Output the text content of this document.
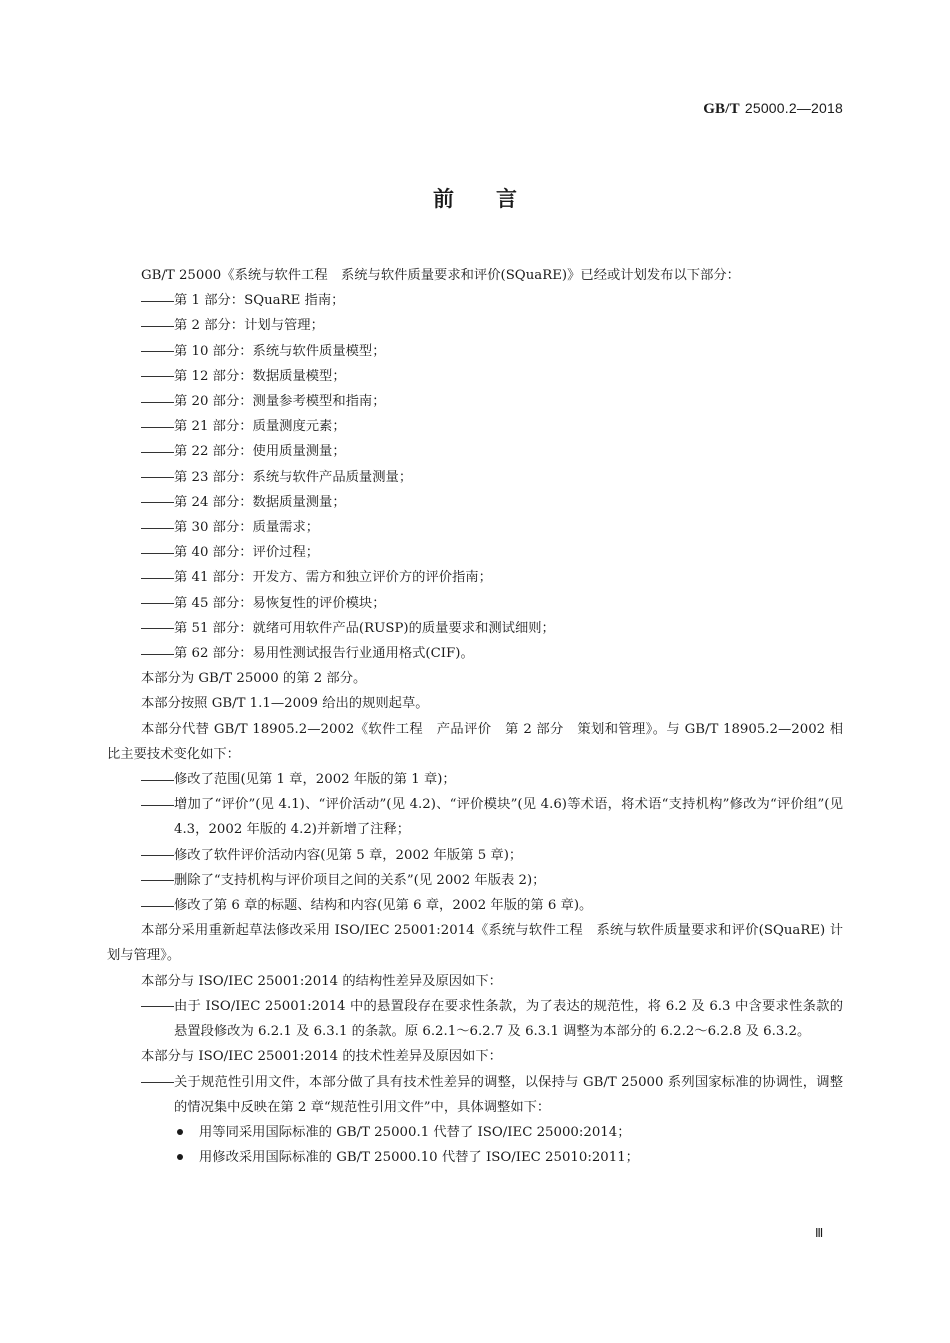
GB/T 25000.2—2018
前言

GB/T 25000《系统与软件工程　系统与软件质量要求和评价(SQuaRE)》已经或计划发布以下部分：

第 1 部分：SQuaRE 指南；

第 2 部分：计划与管理；

第 10 部分：系统与软件质量模型；

第 12 部分：数据质量模型；

第 20 部分：测量参考模型和指南；

第 21 部分：质量测度元素；

第 22 部分：使用质量测量；

第 23 部分：系统与软件产品质量测量；

第 24 部分：数据质量测量；

第 30 部分：质量需求；

第 40 部分：评价过程；

第 41 部分：开发方、需方和独立评价方的评价指南；

第 45 部分：易恢复性的评价模块；

第 51 部分：就绪可用软件产品(RUSP)的质量要求和测试细则；

第 62 部分：易用性测试报告行业通用格式(CIF)。

本部分为 GB/T 25000 的第 2 部分。

本部分按照 GB/T 1.1—2009 给出的规则起草。

本部分代替 GB/T 18905.2—2002《软件工程　产品评价　第 2 部分　策划和管理》。与 GB/T 18905.2—2002 相比主要技术变化如下：

修改了范围(见第 1 章，2002 年版的第 1 章)；

增加了“评价”(见 4.1)、“评价活动”(见 4.2)、“评价模块”(见 4.6)等术语，将术语“支持机构”修改为“评价组”(见 4.3，2002 年版的 4.2)并新增了注释；

修改了软件评价活动内容(见第 5 章，2002 年版第 5 章)；

删除了“支持机构与评价项目之间的关系”(见 2002 年版表 2)；

修改了第 6 章的标题、结构和内容(见第 6 章，2002 年版的第 6 章)。

本部分采用重新起草法修改采用 ISO/IEC 25001:2014《系统与软件工程　系统与软件质量要求和评价(SQuaRE) 计划与管理》。

本部分与 ISO/IEC 25001:2014 的结构性差异及原因如下：

由于 ISO/IEC 25001:2014 中的悬置段存在要求性条款，为了表达的规范性，将 6.2 及 6.3 中含要求性条款的悬置段修改为 6.2.1 及 6.3.1 的条款。原 6.2.1～6.2.7 及 6.3.1 调整为本部分的 6.2.2～6.2.8 及 6.3.2。

本部分与 ISO/IEC 25001:2014 的技术性差异及原因如下：

关于规范性引用文件，本部分做了具有技术性差异的调整，以保持与 GB/T 25000 系列国家标准的协调性，调整的情况集中反映在第 2 章“规范性引用文件”中，具体调整如下：

用等同采用国际标准的 GB/T 25000.1 代替了 ISO/IEC 25000:2014；

用修改采用国际标准的 GB/T 25000.10 代替了 ISO/IEC 25010:2011；

Ⅲ
